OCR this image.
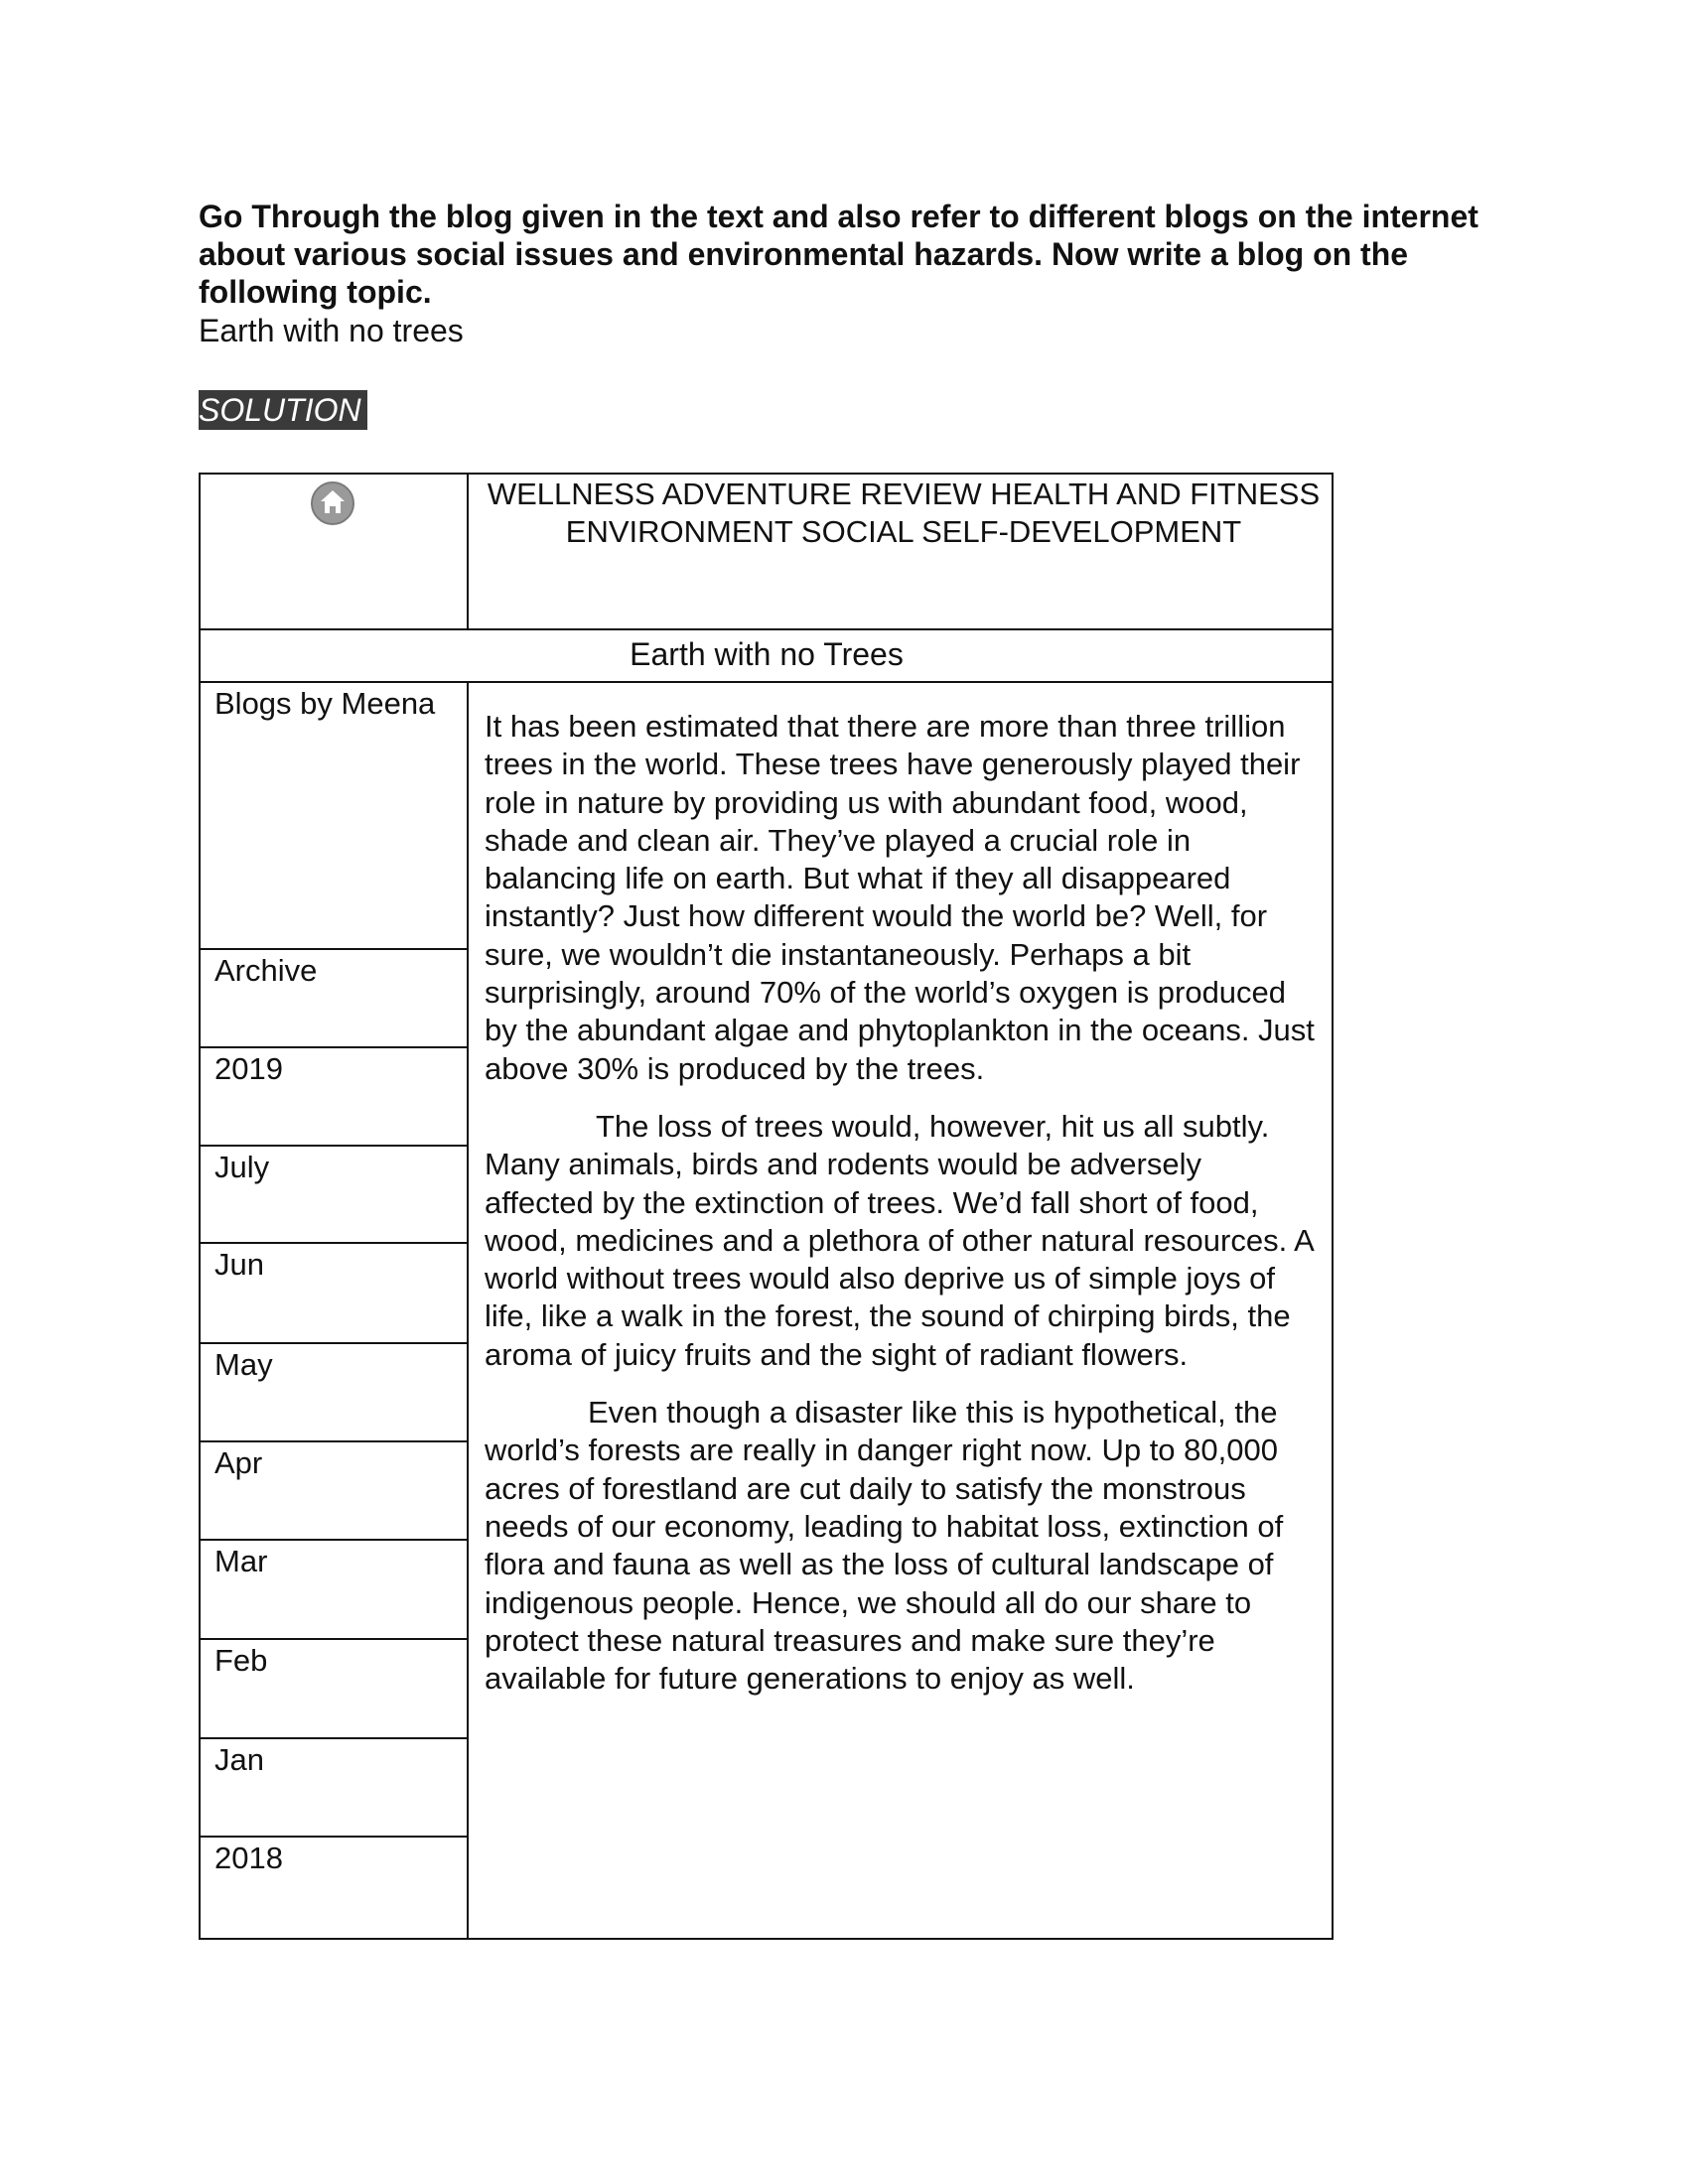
Go Through the blog given in the text and also refer to different blogs on the internet about various social issues and environmental hazards. Now write a blog on the following topic.
Earth with no trees
SOLUTION
WELLNESS ADVENTURE REVIEW HEALTH AND FITNESS ENVIRONMENT SOCIAL SELF-DEVELOPMENT
Earth with no Trees
Blogs by Meena
Archive
2019
July
Jun
May
Apr
Mar
Feb
Jan
2018

It has been estimated that there are more than three trillion trees in the world. These trees have generously played their role in nature by providing us with abundant food, wood, shade and clean air. They’ve played a crucial role in balancing life on earth. But what if they all disappeared instantly? Just how different would the world be? Well, for sure, we wouldn’t die instantaneously. Perhaps a bit surprisingly, around 70% of the world’s oxygen is produced by the abundant algae and phytoplankton in the oceans. Just above 30% is produced by the trees.

The loss of trees would, however, hit us all subtly. Many animals, birds and rodents would be adversely affected by the extinction of trees. We’d fall short of food, wood, medicines and a plethora of other natural resources. A world without trees would also deprive us of simple joys of life, like a walk in the forest, the sound of chirping birds, the aroma of juicy fruits and the sight of radiant flowers.

Even though a disaster like this is hypothetical, the world’s forests are really in danger right now. Up to 80,000 acres of forestland are cut daily to satisfy the monstrous needs of our economy, leading to habitat loss, extinction of flora and fauna as well as the loss of cultural landscape of indigenous people. Hence, we should all do our share to protect these natural treasures and make sure they’re available for future generations to enjoy as well.
